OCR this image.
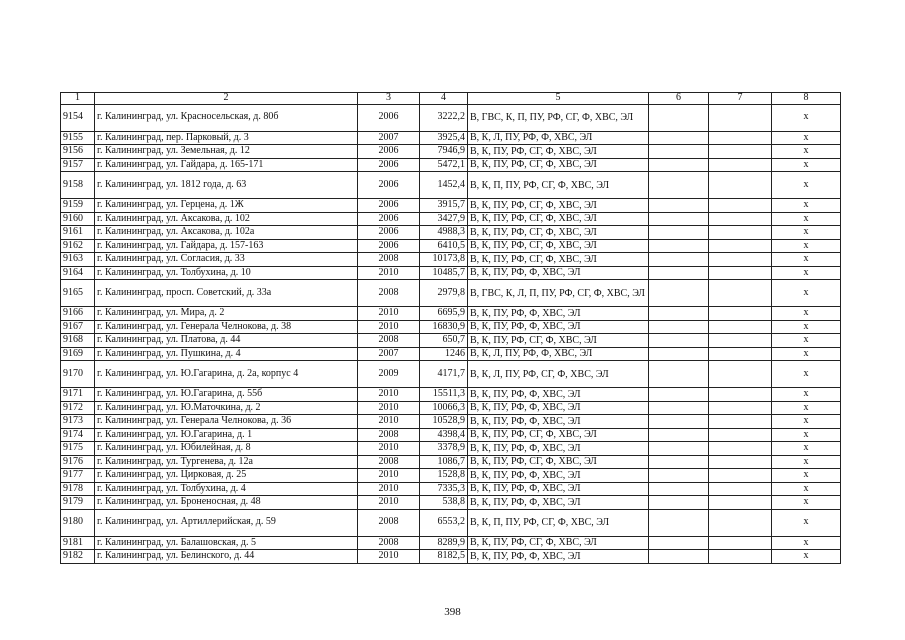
1	2	3	4	5	6	7	8
9154	г. Калининград, ул. Краснoсельская, д. 80б	2006	3222,2	В, ГВС, К, П, ПУ, РФ, СГ, Ф, ХВС, ЭЛ			х
9155	г. Калининград, пер. Парковый, д. 3	2007	3925,4	В, К, Л, ПУ, РФ, Ф, ХВС, ЭЛ			х
9156	г. Калининград, ул. Земельная, д. 12	2006	7946,9	В, К, ПУ, РФ, СГ, Ф, ХВС, ЭЛ			х
9157	г. Калининград, ул. Гайдара, д. 165-171	2006	5472,1	В, К, ПУ, РФ, СГ, Ф, ХВС, ЭЛ			х
9158	г. Калининград, ул. 1812 года, д. 63	2006	1452,4	В, К, П, ПУ, РФ, СГ, Ф, ХВС, ЭЛ			х
9159	г. Калининград, ул. Герцена, д. 1Ж	2006	3915,7	В, К, ПУ, РФ, СГ, Ф, ХВС, ЭЛ			х
9160	г. Калининград, ул. Аксакова, д. 102	2006	3427,9	В, К, ПУ, РФ, СГ, Ф, ХВС, ЭЛ			х
9161	г. Калининград, ул. Аксакова, д. 102а	2006	4988,3	В, К, ПУ, РФ, СГ, Ф, ХВС, ЭЛ			х
9162	г. Калининград, ул. Гайдара, д. 157-163	2006	6410,5	В, К, ПУ, РФ, СГ, Ф, ХВС, ЭЛ			х
9163	г. Калининград, ул. Согласия, д. 33	2008	10173,8	В, К, ПУ, РФ, СГ, Ф, ХВС, ЭЛ			х
9164	г. Калининград, ул. Толбухина, д. 10	2010	10485,7	В, К, ПУ, РФ, Ф, ХВС, ЭЛ			х
9165	г. Калининград, просп. Советский, д. 33а	2008	2979,8	В, ГВС, К, Л, П, ПУ, РФ, СГ, Ф, ХВС, ЭЛ			х
9166	г. Калининград, ул. Мира, д. 2	2010	6695,9	В, К, ПУ, РФ, Ф, ХВС, ЭЛ			х
9167	г. Калининград, ул. Генерала Челнокова, д. 38	2010	16830,9	В, К, ПУ, РФ, Ф, ХВС, ЭЛ			х
9168	г. Калининград, ул. Платова, д. 44	2008	650,7	В, К, ПУ, РФ, СГ, Ф, ХВС, ЭЛ			х
9169	г. Калининград, ул. Пушкина, д. 4	2007	1246	В, К, Л, ПУ, РФ, Ф, ХВС, ЭЛ			х
9170	г. Калининград, ул. Ю.Гагарина, д. 2а, корпус 4	2009	4171,7	В, К, Л, ПУ, РФ, СГ, Ф, ХВС, ЭЛ			х
9171	г. Калининград, ул. Ю.Гагарина, д. 55б	2010	15511,3	В, К, ПУ, РФ, Ф, ХВС, ЭЛ			х
9172	г. Калининград, ул. Ю.Маточкина, д. 2	2010	10066,3	В, К, ПУ, РФ, Ф, ХВС, ЭЛ			х
9173	г. Калининград, ул. Генерала Челнокова, д. 36	2010	10528,9	В, К, ПУ, РФ, Ф, ХВС, ЭЛ			х
9174	г. Калининград, ул. Ю.Гагарина, д. 1	2008	4398,4	В, К, ПУ, РФ, СГ, Ф, ХВС, ЭЛ			х
9175	г. Калининград, ул. Юбилейная, д. 8	2010	3378,9	В, К, ПУ, РФ, Ф, ХВС, ЭЛ			х
9176	г. Калининград, ул. Тургенева, д. 12а	2008	1086,7	В, К, ПУ, РФ, СГ, Ф, ХВС, ЭЛ			х
9177	г. Калининград, ул. Цирковая, д. 25	2010	1528,8	В, К, ПУ, РФ, Ф, ХВС, ЭЛ			х
9178	г. Калининград, ул. Толбухина, д. 4	2010	7335,3	В, К, ПУ, РФ, Ф, ХВС, ЭЛ			х
9179	г. Калининград, ул. Броненосная, д. 48	2010	538,8	В, К, ПУ, РФ, Ф, ХВС, ЭЛ			х
9180	г. Калининград, ул. Артиллерийская, д. 59	2008	6553,2	В, К, П, ПУ, РФ, СГ, Ф, ХВС, ЭЛ			х
9181	г. Калининград, ул. Балашовская, д. 5	2008	8289,9	В, К, ПУ, РФ, СГ, Ф, ХВС, ЭЛ			х
9182	г. Калининград, ул. Белинского, д. 44	2010	8182,5	В, К, ПУ, РФ, Ф, ХВС, ЭЛ			х
398
